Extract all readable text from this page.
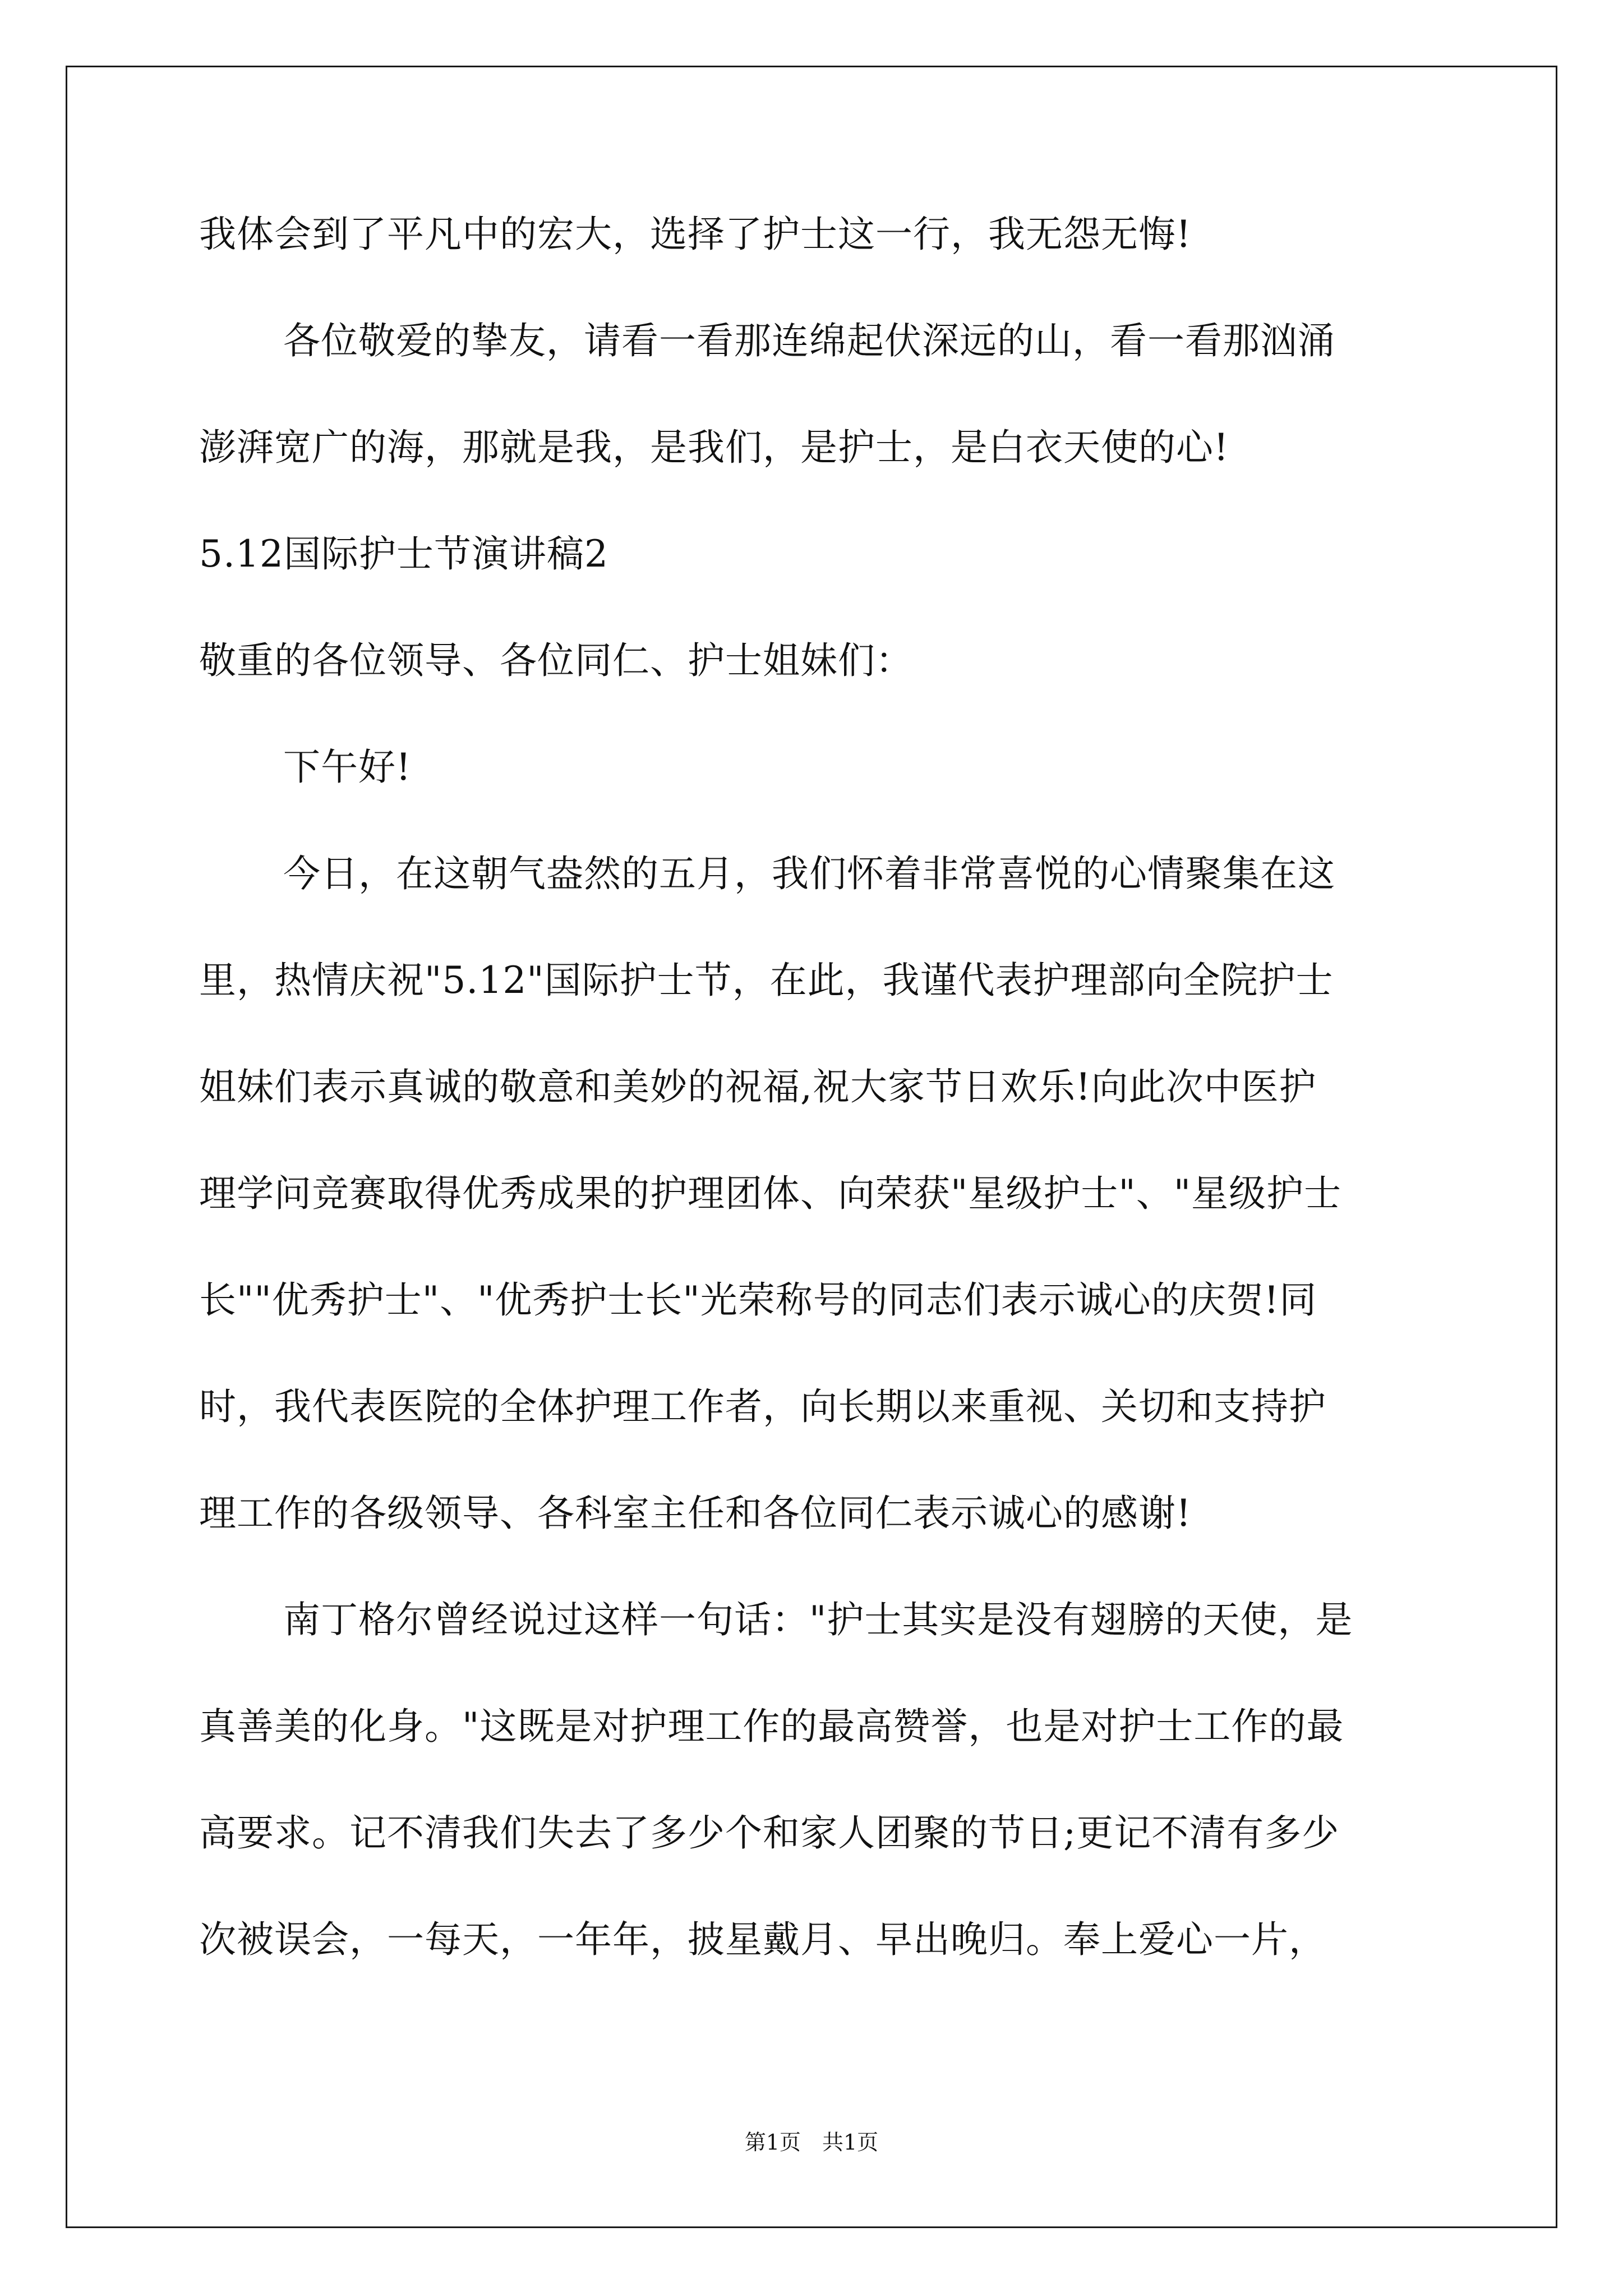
我体会到了平凡中的宏大，选择了护士这一行，我无怨无悔!
各位敬爱的挚友，请看一看那连绵起伏深远的山，看一看那汹涌
澎湃宽广的海，那就是我，是我们，是护士，是白衣天使的心!
5.12国际护士节演讲稿2
敬重的各位领导、各位同仁、护士姐妹们：
下午好!
今日，在这朝气盎然的五月，我们怀着非常喜悦的心情聚集在这
里，热情庆祝"5.12"国际护士节，在此，我谨代表护理部向全院护士
姐妹们表示真诚的敬意和美妙的祝福,祝大家节日欢乐!向此次中医护
理学问竞赛取得优秀成果的护理团体、向荣获"星级护士"、"星级护士
长""优秀护士"、"优秀护士长"光荣称号的同志们表示诚心的庆贺!同
时，我代表医院的全体护理工作者，向长期以来重视、关切和支持护
理工作的各级领导、各科室主任和各位同仁表示诚心的感谢!
南丁格尔曾经说过这样一句话："护士其实是没有翅膀的天使，是
真善美的化身。"这既是对护理工作的最高赞誉，也是对护士工作的最
高要求。记不清我们失去了多少个和家人团聚的节日;更记不清有多少
次被误会，一每天，一年年，披星戴月、早出晚归。奉上爱心一片，
第1页　共1页
